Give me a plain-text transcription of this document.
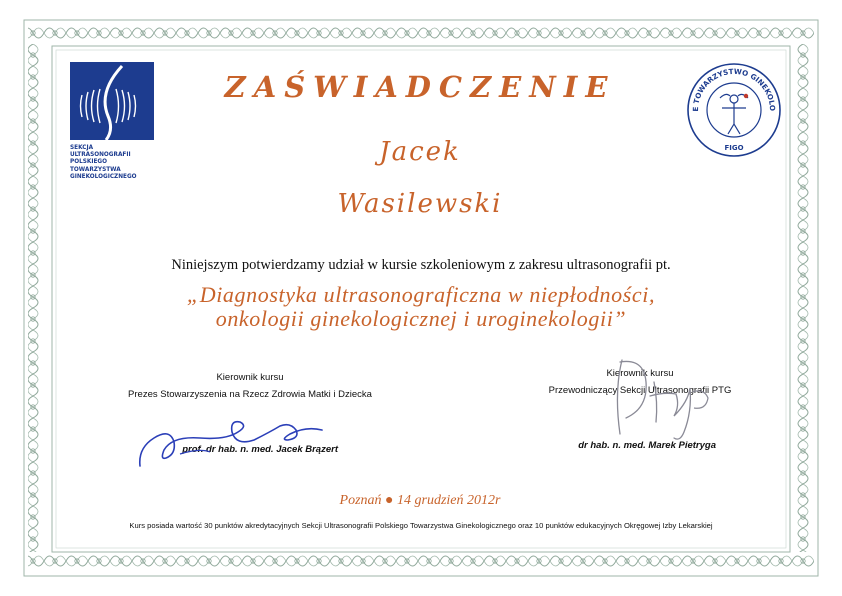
SEKCJA ULTRASONOGRAFII
POLSKIEGO TOWARZYSTWA
GINEKOLOGICZNEGO
E TOWARZYSTWO GINEKOLO
FIGO
ZAŚWIADCZENIE
Jacek
Wasilewski
Niniejszym potwierdzamy udział w kursie szkoleniowym z zakresu ultrasonografii pt.
„Diagnostyka ultrasonograficzna w niepłodności,
onkologii ginekologicznej i uroginekologii”
Kierownik kursu
Prezes Stowarzyszenia na Rzecz Zdrowia Matki i Dziecka
prof. dr hab. n. med. Jacek Brązert
Kierownik kursu
Przewodniczący Sekcji Ultrasonografii PTG
dr hab. n. med. Marek Pietryga
Poznań ● 14 grudzień 2012r
Kurs posiada wartość 30 punktów akredytacyjnych Sekcji Ultrasonografii Polskiego Towarzystwa Ginekologicznego oraz 10 punktów edukacyjnych Okręgowej Izby Lekarskiej
